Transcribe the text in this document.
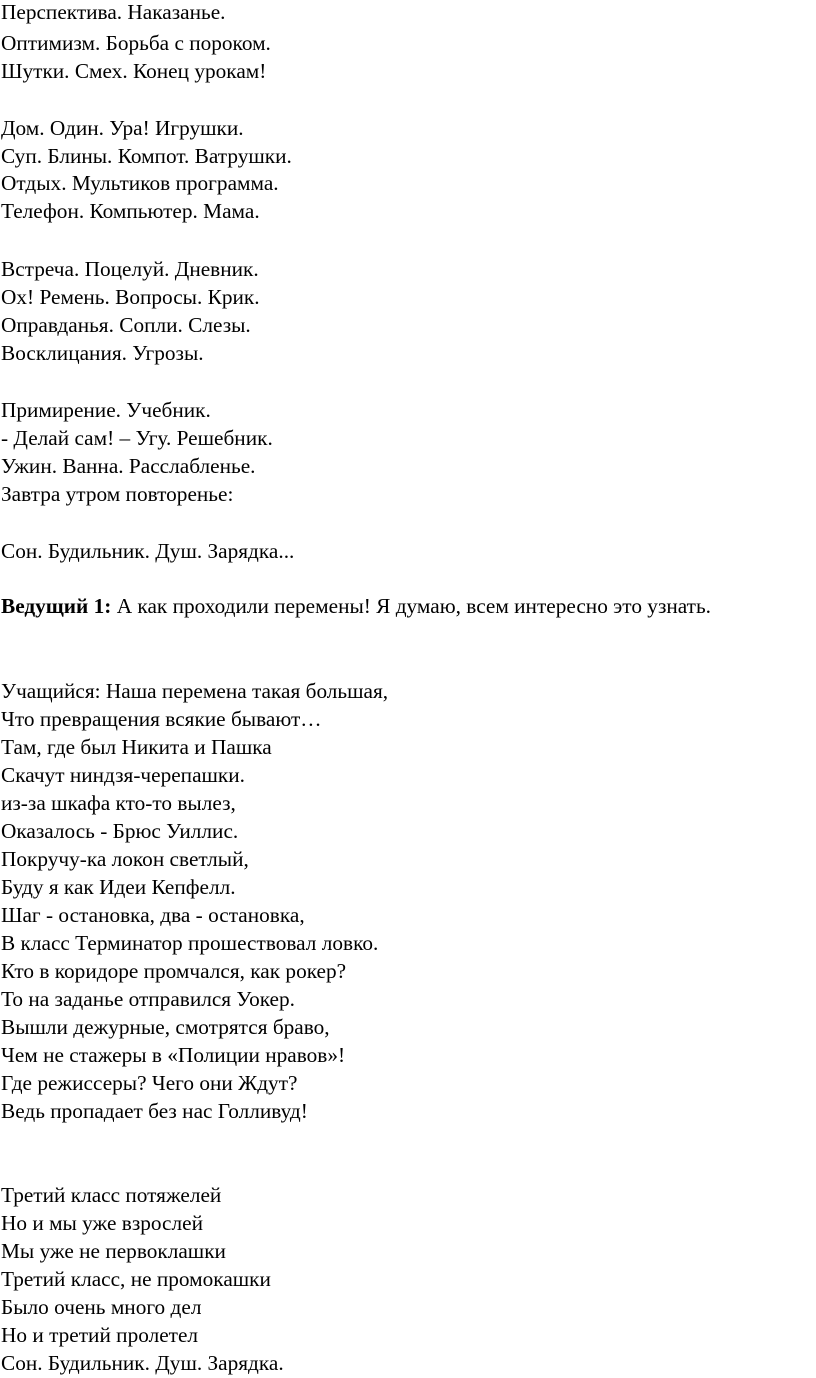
Перспектива. Наказанье.
Оптимизм. Борьба с пороком.
Шутки. Смех. Конец урокам!
Дом. Один. Ура! Игрушки.
Суп. Блины. Компот. Ватрушки.
Отдых. Мультиков программа.
Телефон. Компьютер. Мама.
Встреча. Поцелуй. Дневник.
Ох! Ремень. Вопросы. Крик.
Оправданья. Сопли. Слезы.
Восклицания. Угрозы.
Примирение. Учебник.
- Делай сам! – Угу. Решебник.
Ужин. Ванна. Расслабленье.
Завтра утром повторенье:
Сон. Будильник. Душ. Зарядка...
Ведущий 1: А как проходили перемены! Я думаю, всем интересно это узнать.
Учащийся: Наша перемена такая большая,
Что превращения всякие бывают…
Там, где был Никита и Пашка
Скачут ниндзя-черепашки.
из-за шкафа кто-то вылез,
Оказалось - Брюс Уиллис.
Покручу-ка локон светлый,
Буду я как Идеи Кепфелл.
Шаг - остановка, два - остановка,
В класс Терминатор прошествовал ловко.
Кто в коридоре промчался, как рокер?
То на заданье отправился Уокер.
Вышли дежурные, смотрятся браво,
Чем не стажеры в «Полиции нравов»!
Где режиссеры? Чего они Ждут?
Ведь пропадает без нас Голливуд!
Третий класс потяжелей
Но и мы уже взрослей
Мы уже не первоклашки
Третий класс, не промокашки
Было очень много дел
Но и третий пролетел
Сон. Будильник. Душ. Зарядка.
